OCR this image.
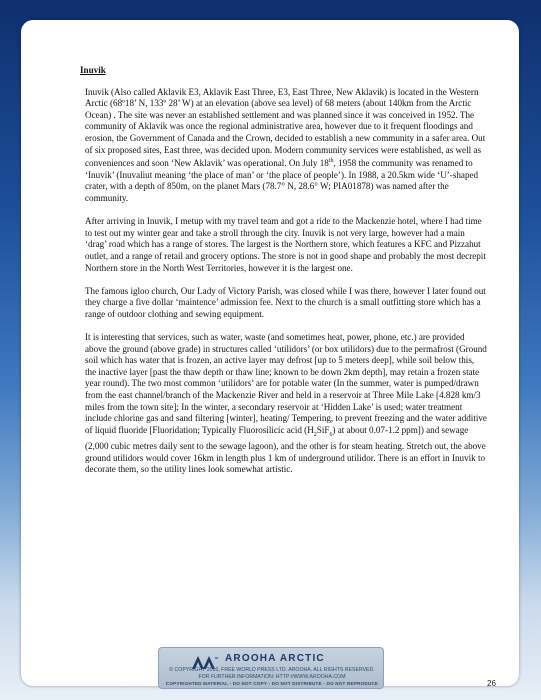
Inuvik

Inuvik (Also called Aklavik E3, Aklavik East Three, E3, East Three, New Aklavik) is located in the Western Arctic (68º18’ N, 133º 28’ W) at an elevation (above sea level) of 68 meters (about 140km from the Arctic Ocean) . The site was never an established settlement and was planned since it was conceived in 1952. The community of Aklavik was once the regional administrative area, however due to it frequent floodings and erosion, the Government of Canada and the Crown, decided to establish a new community in a safer area. Out of six proposed sites, East three, was decided upon. Modern community services were established, as well as conveniences and soon ‘New Aklavik’ was operational. On July 18th, 1958 the community was renamed to ‘Inuvik’ (Inuvaliut meaning ‘the place of man’ or ‘the place of people’). In 1988, a 20.5km wide ‘U’-shaped crater, with a depth of 850m, on the planet Mars (78.7° N, 28.6° W; PIA01878) was named after the community.

After arriving in Inuvik, I metup with my travel team and got a ride to the Mackenzie hotel, where I had time to test out my winter gear and take a stroll through the city. Inuvik is not very large, however had a main ‘drag’ road which has a range of stores. The largest is the Northern store, which features a KFC and Pizzahut outlet, and a range of retail and grocery options. The store is not in good shape and probably the most decrepit Northern store in the North West Territories, however it is the largest one.

The famous igloo church, Our Lady of Victory Parish, was closed while I was there, however I later found out they charge a five dollar ‘maintence’ admission fee. Next to the church is a small outfitting store which has a range of outdoor clothing and sewing equipment.

It is interesting that services, such as water, waste (and sometimes heat, power, phone, etc.) are provided above the ground (above grade) in structures called ‘utilidors’ (or box utilidors) due to the permafrost (Ground soil which has water that is frozen, an active layer may defrost [up to 5 meters deep], while soil below this, the inactive layer [past the thaw depth or thaw line; known to be down 2km depth], may retain a frozen state year round). The two most common ‘utilidors’ are for potable water (In the summer, water is pumped/drawn from the east channel/branch of the Mackenzie River and held in a reservoir at Three Mile Lake [4.828 km/3 miles from the town site]; In the winter, a secondary reservoir at ‘Hidden Lake’ is used; water treatment include chlorine gas and sand filtering [winter], heating/ Tempering, to prevent freezing and the water additive of liquid fluoride [Fluoridation; Typically Fluorosilicic acid $(H_2SiF_6)$ at about 0.07-1.2 ppm]) and sewage (2,000 cubic metres daily sent to the sewage lagoon), and the other is for steam heating. Stretch out, the above ground utilidors would cover 16km in length plus 1 km of underground utilidor. There is an effort in Inuvik to decorate them, so the utility lines look somewhat artistic.

26
AROOHA ARCTIC
© COPYRIGHT 2016, FREE WORLD PRESS LTD. AROOHA. ALL RIGHTS RESERVED.
FOR FURTHER INFORMATION: HTTP://WWW.AROOHA.COM
COPYRIGHTED MATERIAL - DO NOT COPY - DO NOT DISTRIBUTE - DO NOT REPRODUCE
